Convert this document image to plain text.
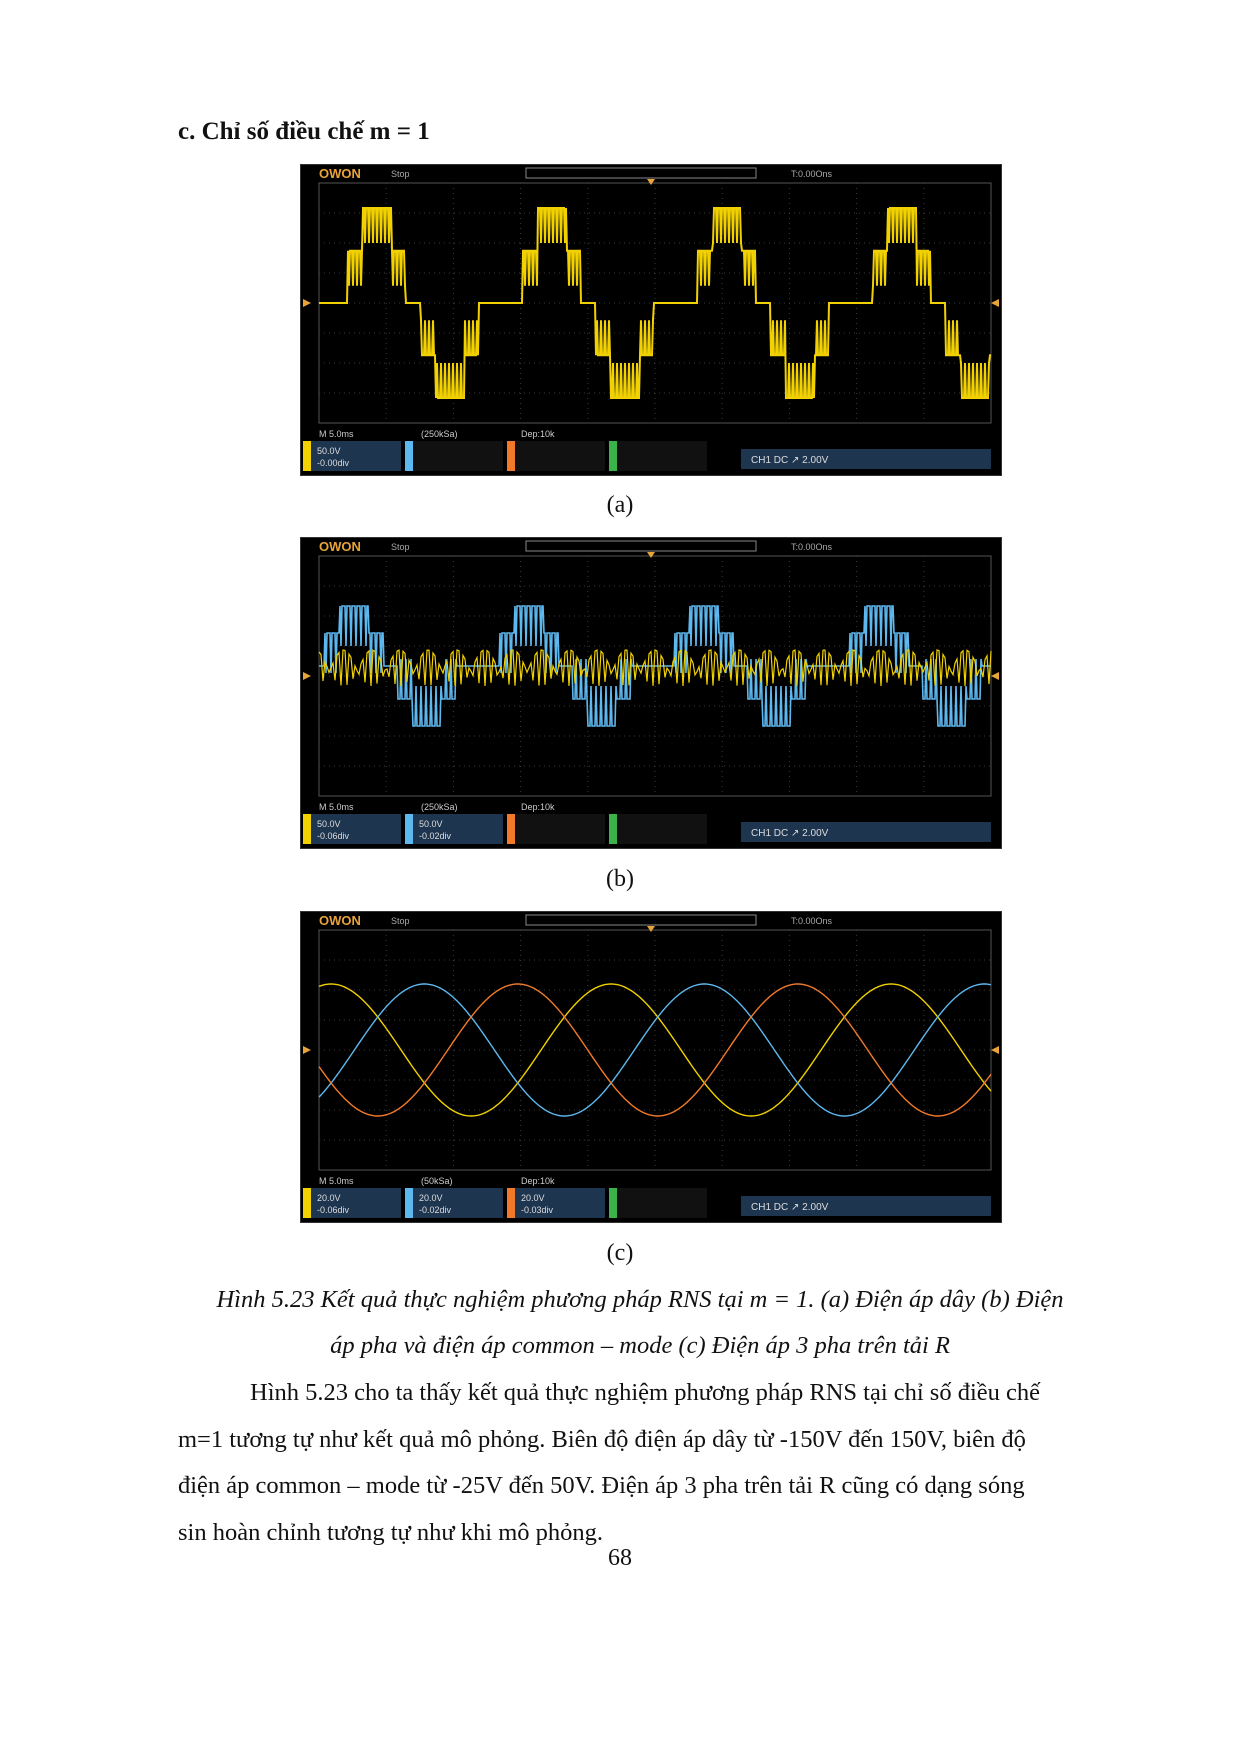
c. Chỉ số điều chế m = 1
OWON	Stop	T:0.00Ons
M 5.0ms	(250kSa)	Dep:10k
50.0V
-0.00div	CH1 DC ↗ 2.00V
(a)
OWON	Stop	T:0.00Ons
M 5.0ms	(250kSa)	Dep:10k
50.0V
-0.06div
50.0V
-0.02div	CH1 DC ↗ 2.00V
(b)
OWON	Stop	T:0.00Ons
M 5.0ms	(50kSa)	Dep:10k
20.0V
-0.06div
20.0V
-0.02div
20.0V
-0.03div	CH1 DC ↗ 2.00V
(c)
Hình 5.23 Kết quả thực nghiệm phương pháp RNS tại m = 1. (a) Điện áp dây (b) Điện
áp pha và điện áp common – mode (c) Điện áp 3 pha trên tải R
Hình 5.23 cho ta thấy kết quả thực nghiệm phương pháp RNS tại chỉ số điều chế
m=1 tương tự như kết quả mô phỏng. Biên độ điện áp dây từ -150V đến 150V, biên độ
điện áp common – mode từ -25V đến 50V. Điện áp 3 pha trên tải R cũng có dạng sóng
sin hoàn chỉnh tương tự như khi mô phỏng.
68
